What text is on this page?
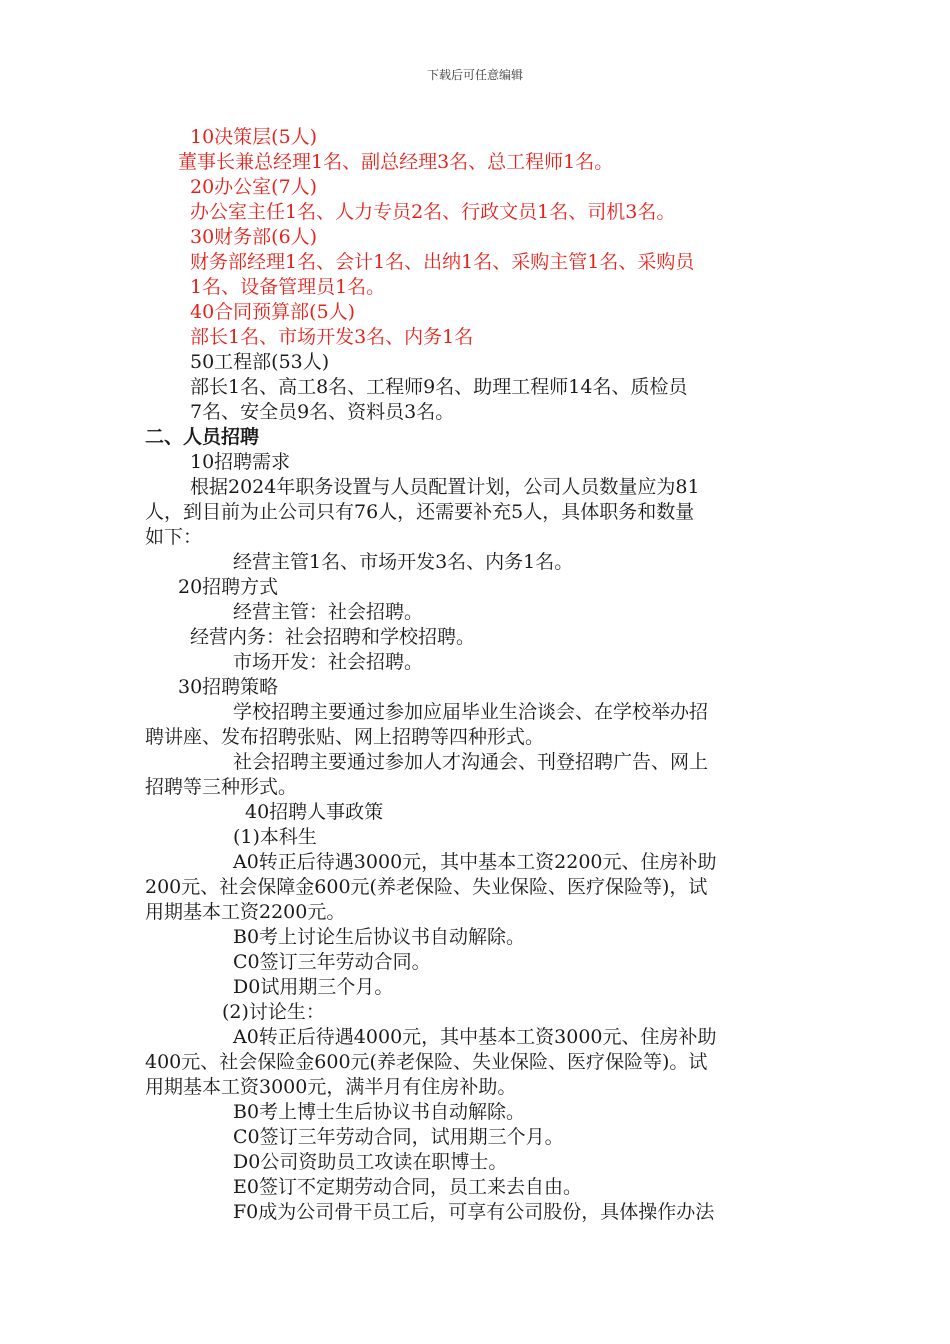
下载后可任意编辑
10决策层(5人)
董事长兼总经理1名、副总经理3名、总工程师1名。
20办公室(7人)
办公室主任1名、人力专员2名、行政文员1名、司机3名。
30财务部(6人)
财务部经理1名、会计1名、出纳1名、采购主管1名、采购员
1名、设备管理员1名。
40合同预算部(5人)
部长1名、市场开发3名、内务1名
50工程部(53人)
部长1名、高工8名、工程师9名、助理工程师14名、质检员
7名、安全员9名、资料员3名。
二、人员招聘
10招聘需求
根据2024年职务设置与人员配置计划，公司人员数量应为81
人，到目前为止公司只有76人，还需要补充5人，具体职务和数量
如下：
经营主管1名、市场开发3名、内务1名。
20招聘方式
经营主管：社会招聘。
经营内务：社会招聘和学校招聘。
市场开发：社会招聘。
30招聘策略
学校招聘主要通过参加应届毕业生洽谈会、在学校举办招
聘讲座、发布招聘张贴、网上招聘等四种形式。
社会招聘主要通过参加人才沟通会、刊登招聘广告、网上
招聘等三种形式。
40招聘人事政策
(1)本科生
A0转正后待遇3000元，其中基本工资2200元、住房补助
200元、社会保障金600元(养老保险、失业保险、医疗保险等)，试
用期基本工资2200元。
B0考上讨论生后协议书自动解除。
C0签订三年劳动合同。
D0试用期三个月。
(2)讨论生：
A0转正后待遇4000元，其中基本工资3000元、住房补助
400元、社会保险金600元(养老保险、失业保险、医疗保险等)。试
用期基本工资3000元，满半月有住房补助。
B0考上博士生后协议书自动解除。
C0签订三年劳动合同，试用期三个月。
D0公司资助员工攻读在职博士。
E0签订不定期劳动合同，员工来去自由。
F0成为公司骨干员工后，可享有公司股份，具体操作办法
